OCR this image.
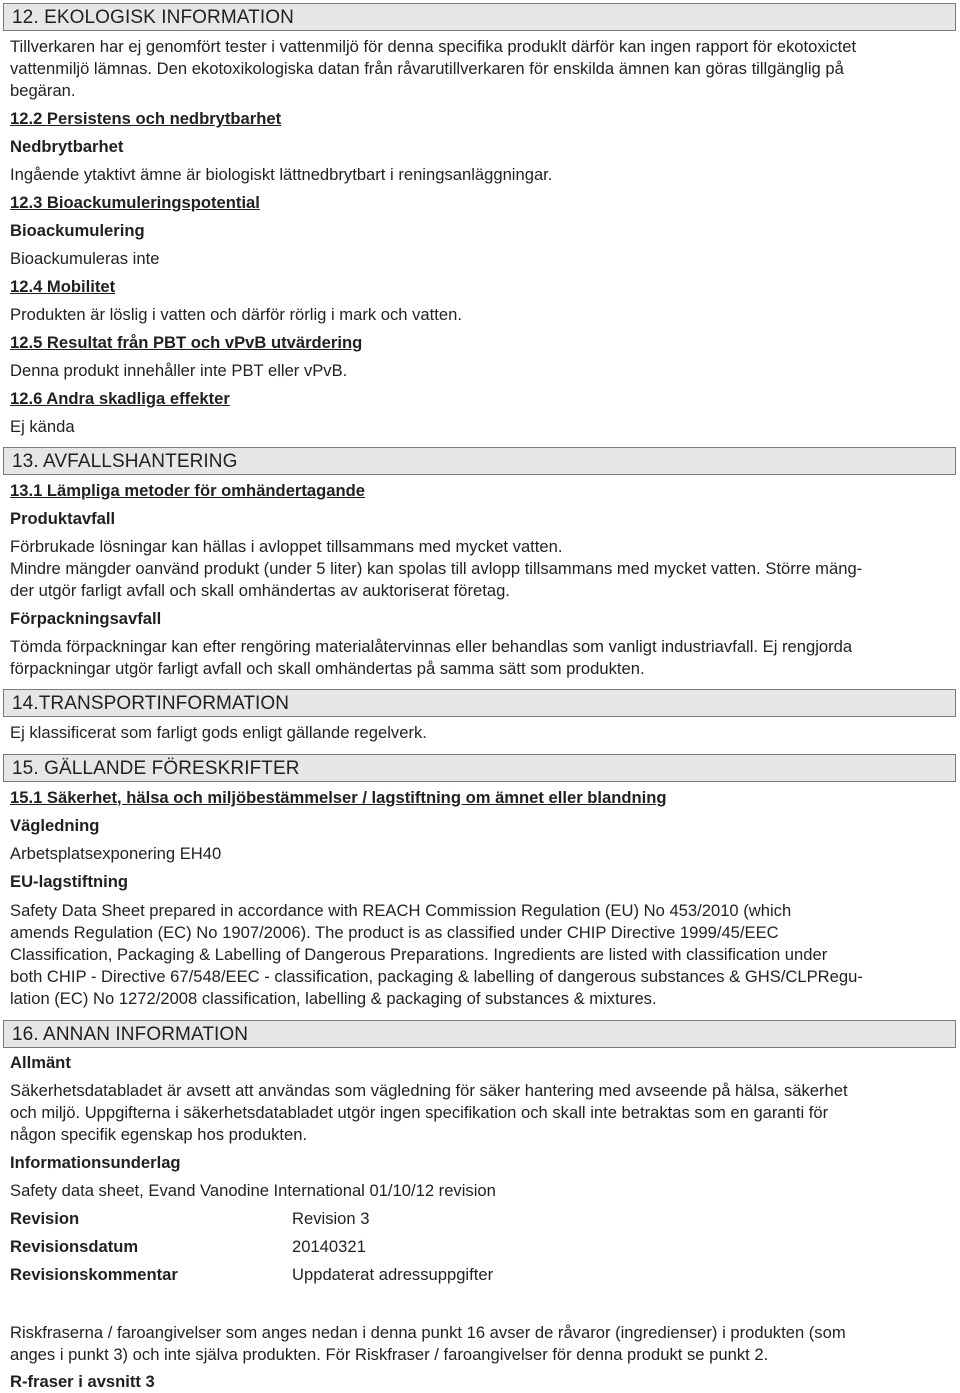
12. EKOLOGISK INFORMATION
Tillverkaren har ej genomfört tester i vattenmiljö för denna specifika produklt därför kan ingen rapport för ekotoxictet
vattenmiljö lämnas. Den ekotoxikologiska datan från råvarutillverkaren för enskilda ämnen kan göras tillgänglig på
begäran.
12.2 Persistens och nedbrytbarhet
Nedbrytbarhet
Ingående ytaktivt ämne är biologiskt lättnedbrytbart i reningsanläggningar.
12.3 Bioackumuleringspotential
Bioackumulering
Bioackumuleras inte
12.4 Mobilitet
Produkten är löslig i vatten och därför rörlig i mark och vatten.
12.5 Resultat från PBT och vPvB utvärdering
Denna produkt innehåller inte PBT eller vPvB.
12.6 Andra skadliga effekter
Ej kända
13. AVFALLSHANTERING
13.1 Lämpliga metoder för omhändertagande
Produktavfall
Förbrukade lösningar kan hällas i avloppet tillsammans med mycket vatten.
Mindre mängder oanvänd produkt (under 5 liter) kan spolas till avlopp tillsammans med mycket vatten. Större mäng-
der utgör farligt avfall och skall omhändertas av auktoriserat företag.
Förpackningsavfall
Tömda förpackningar kan efter rengöring materialåtervinnas eller behandlas som vanligt industriavfall. Ej rengjorda
förpackningar utgör farligt avfall och skall omhändertas på samma sätt som produkten.
14.TRANSPORTINFORMATION
Ej klassificerat som farligt gods enligt gällande regelverk.
15. GÄLLANDE FÖRESKRIFTER
15.1 Säkerhet, hälsa och miljöbestämmelser / lagstiftning om ämnet eller blandning
Vägledning
Arbetsplatsexponering EH40
EU-lagstiftning
Safety Data Sheet prepared in accordance with REACH Commission Regulation (EU) No 453/2010 (which
amends Regulation (EC) No 1907/2006). The product is as classified under CHIP Directive 1999/45/EEC
Classification, Packaging & Labelling of Dangerous Preparations. Ingredients are listed with classification under
both CHIP - Directive 67/548/EEC - classification, packaging & labelling of dangerous substances & GHS/CLPRegu-
lation (EC) No 1272/2008 classification, labelling & packaging of substances & mixtures.
16. ANNAN INFORMATION
Allmänt
Säkerhetsdatabladet är avsett att användas som vägledning för säker hantering med avseende på hälsa, säkerhet
och miljö. Uppgifterna i säkerhetsdatabladet utgör ingen specifikation och skall inte betraktas som en garanti för
någon specifik egenskap hos produkten.
Informationsunderlag
Safety data sheet, Evand Vanodine International 01/10/12 revision
Revision	Revision 3
Revisionsdatum	20140321
Revisionskommentar	Uppdaterat adressuppgifter
Riskfraserna / faroangivelser som anges nedan i denna punkt 16 avser de råvaror (ingredienser) i produkten (som
anges i punkt 3) och inte själva produkten. För Riskfraser / faroangivelser för denna produkt se punkt 2.
R-fraser i avsnitt 3
